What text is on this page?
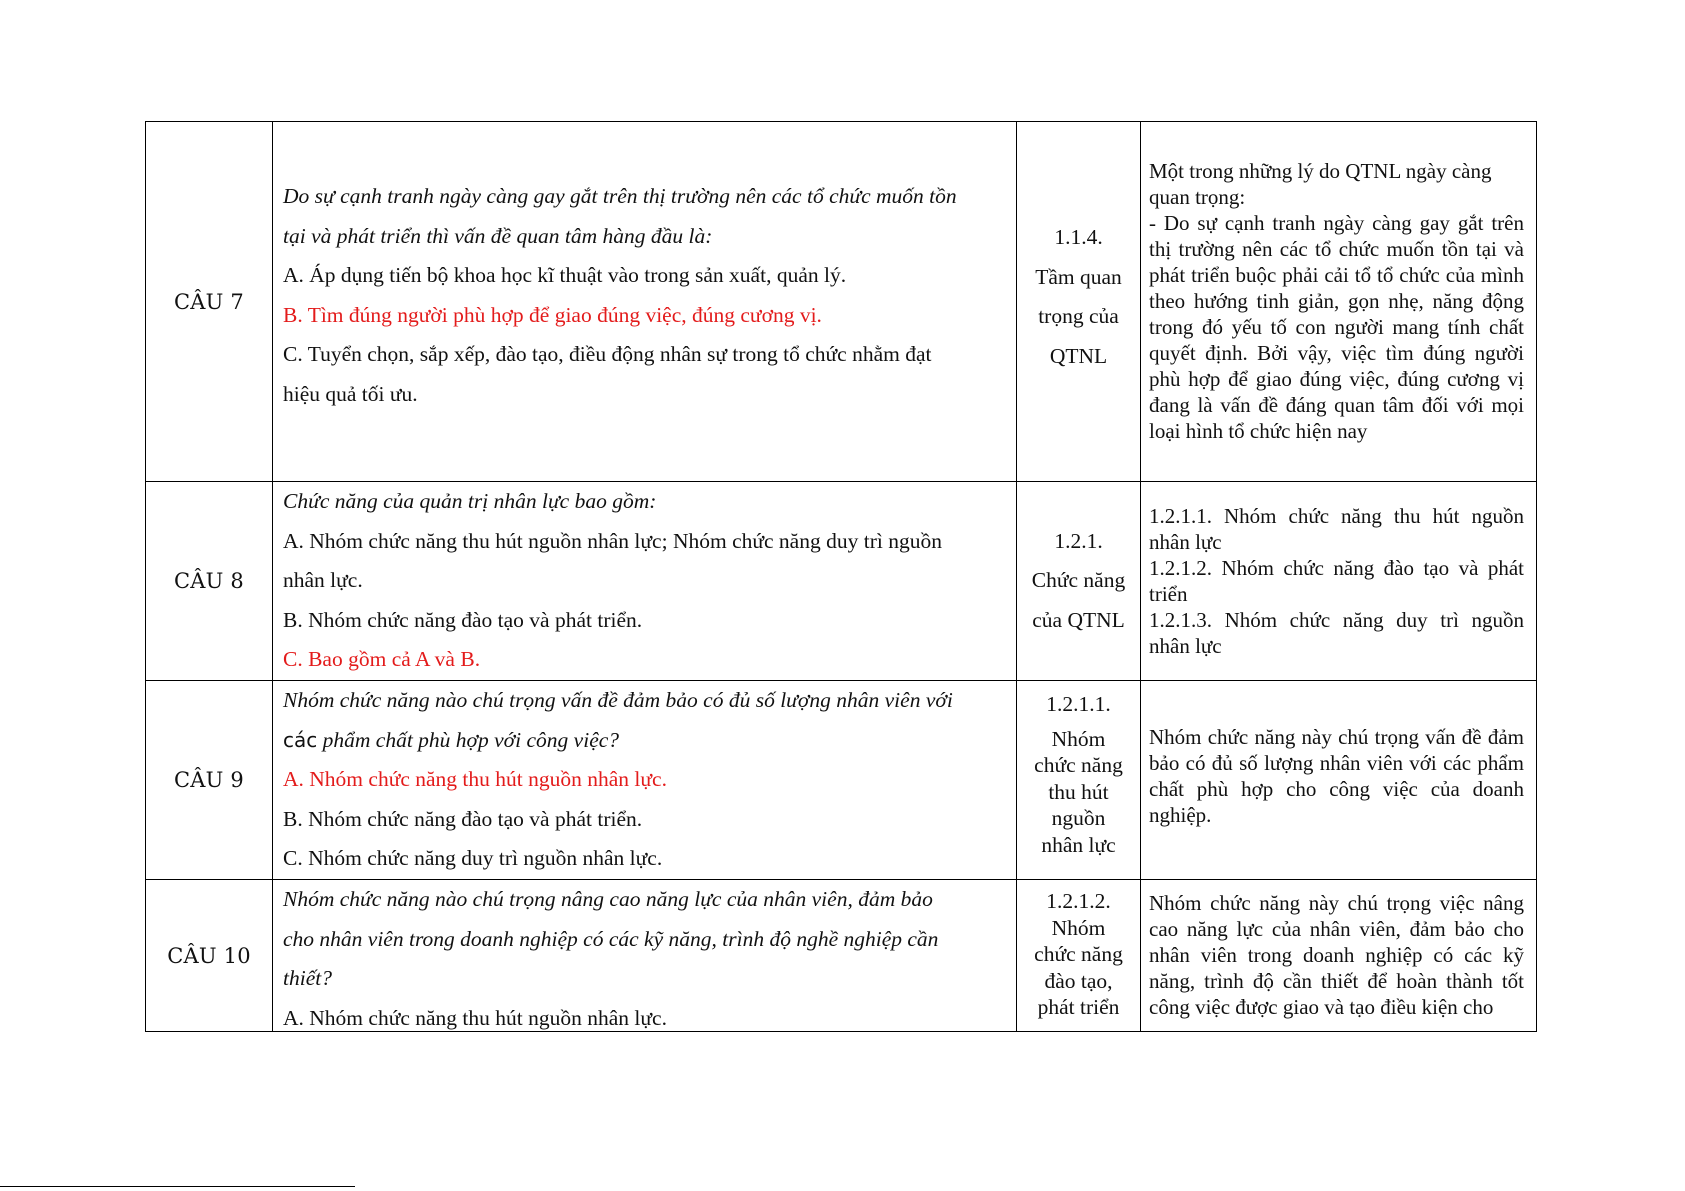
CÂU 7
Do sự cạnh tranh ngày càng gay gắt trên thị trường nên các tổ chức muốn tồn
tại và phát triển thì vấn đề quan tâm hàng đầu là:
A. Áp dụng tiến bộ khoa học kĩ thuật vào trong sản xuất, quản lý.
B. Tìm đúng người phù hợp để giao đúng việc, đúng cương vị.
C. Tuyển chọn, sắp xếp, đào tạo, điều động nhân sự trong tổ chức nhằm đạt
hiệu quả tối ưu.
1.1.4.
Tầm quan
trọng của
QTNL
Một trong những lý do QTNL ngày càng quan trọng:
- Do sự cạnh tranh ngày càng gay gắt trên thị trường nên các tổ chức muốn tồn tại và phát triển buộc phải cải tổ tổ chức của mình theo hướng tinh giản, gọn nhẹ, năng động trong đó yếu tố con người mang tính chất quyết định. Bởi vậy, việc tìm đúng người phù hợp để giao đúng việc, đúng cương vị đang là vấn đề đáng quan tâm đối với mọi loại hình tổ chức hiện nay
CÂU 8
Chức năng của quản trị nhân lực bao gồm:
A. Nhóm chức năng thu hút nguồn nhân lực; Nhóm chức năng duy trì nguồn
nhân lực.
B. Nhóm chức năng đào tạo và phát triển.
C. Bao gồm cả A và B.
1.2.1.
Chức năng
của QTNL
1.2.1.1. Nhóm chức năng thu hút nguồn nhân lực
1.2.1.2. Nhóm chức năng đào tạo và phát triển
1.2.1.3. Nhóm chức năng duy trì nguồn nhân lực
CÂU 9
Nhóm chức năng nào chú trọng vấn đề đảm bảo có đủ số lượng nhân viên với
các phẩm chất phù hợp với công việc?
A. Nhóm chức năng thu hút nguồn nhân lực.
B. Nhóm chức năng đào tạo và phát triển.
C. Nhóm chức năng duy trì nguồn nhân lực.
1.2.1.1.
Nhóm
chức năng
thu hút
nguồn
nhân lực
Nhóm chức năng này chú trọng vấn đề đảm bảo có đủ số lượng nhân viên với các phẩm chất phù hợp cho công việc của doanh nghiệp.
CÂU 10
Nhóm chức năng nào chú trọng nâng cao năng lực của nhân viên, đảm bảo
cho nhân viên trong doanh nghiệp có các kỹ năng, trình độ nghề nghiệp cần
thiết?
A. Nhóm chức năng thu hút nguồn nhân lực.
1.2.1.2.
Nhóm
chức năng
đào tạo,
phát triển
Nhóm chức năng này chú trọng việc nâng cao năng lực của nhân viên, đảm bảo cho nhân viên trong doanh nghiệp có các kỹ năng, trình độ cần thiết để hoàn thành tốt công việc được giao và tạo điều kiện cho
